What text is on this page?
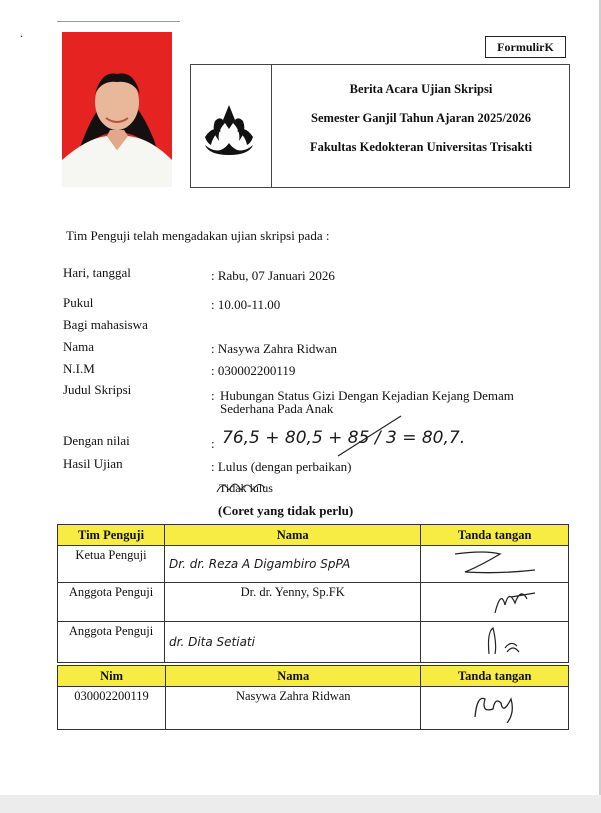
.
FormulirK
Berita Acara Ujian Skripsi
Semester Ganjil Tahun Ajaran 2025/2026
Fakultas Kedokteran Universitas Trisakti
Tim Penguji telah mengadakan ujian skripsi pada :
Hari, tanggal	: Rabu, 07 Januari 2026
Pukul	: 10.00-11.00
Bagi mahasiswa
Nama	: Nasywa Zahra Ridwan
N.I.M	: 030002200119
Judul Skripsi	: Hubungan Status Gizi Dengan Kejadian Kejang Demam
Sederhana Pada Anak
Dengan nilai	: 76,5 + 80,5 + 85 / 3 = 80,7.
Hasil Ujian	: Lulus (dengan perbaikan)
Tidak lulus
(Coret yang tidak perlu)
Tim Penguji	Nama	Tanda tangan
Ketua Penguji	Dr. dr. Reza A Digambiro SpPA	
Anggota Penguji	Dr. dr. Yenny, Sp.FK	
Anggota Penguji	dr. Dita Setiati	
Nim	Nama	Tanda tangan
030002200119	Nasywa Zahra Ridwan	
